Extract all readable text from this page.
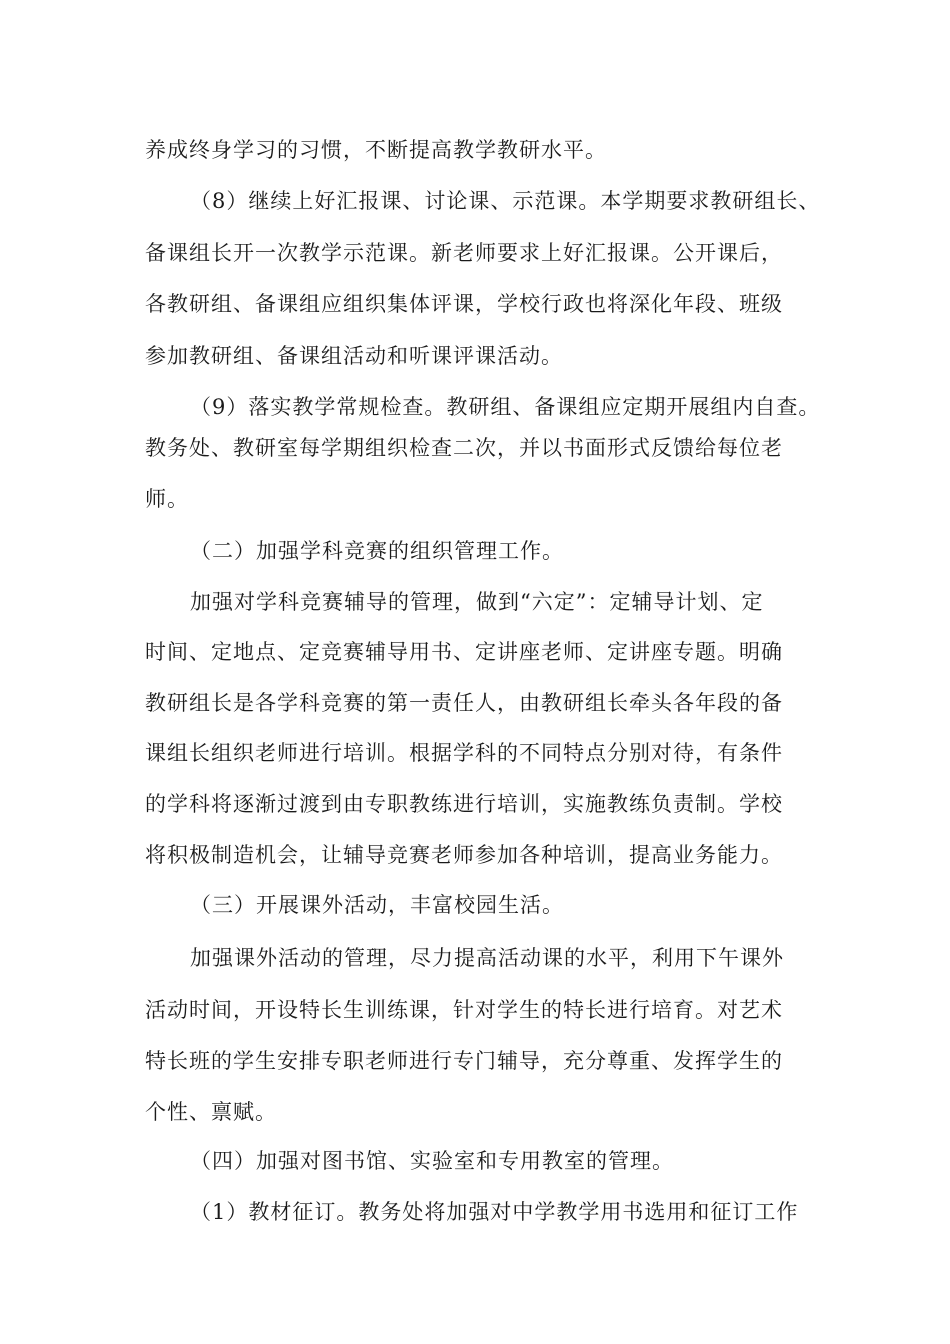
养成终身学习的习惯，不断提高教学教研水平。
（8）继续上好汇报课、讨论课、示范课。本学期要求教研组长、
备课组长开一次教学示范课。新老师要求上好汇报课。公开课后，
各教研组、备课组应组织集体评课，学校行政也将深化年段、班级
参加教研组、备课组活动和听课评课活动。
（9）落实教学常规检查。教研组、备课组应定期开展组内自查。
教务处、教研室每学期组织检查二次，并以书面形式反馈给每位老
师。
（二）加强学科竞赛的组织管理工作。
加强对学科竞赛辅导的管理，做到“六定”：定辅导计划、定
时间、定地点、定竞赛辅导用书、定讲座老师、定讲座专题。明确
教研组长是各学科竞赛的第一责任人，由教研组长牵头各年段的备
课组长组织老师进行培训。根据学科的不同特点分别对待，有条件
的学科将逐渐过渡到由专职教练进行培训，实施教练负责制。学校
将积极制造机会，让辅导竞赛老师参加各种培训，提高业务能力。
（三）开展课外活动，丰富校园生活。
加强课外活动的管理，尽力提高活动课的水平，利用下午课外
活动时间，开设特长生训练课，针对学生的特长进行培育。对艺术
特长班的学生安排专职老师进行专门辅导，充分尊重、发挥学生的
个性、禀赋。
（四）加强对图书馆、实验室和专用教室的管理。
（1）教材征订。教务处将加强对中学教学用书选用和征订工作
